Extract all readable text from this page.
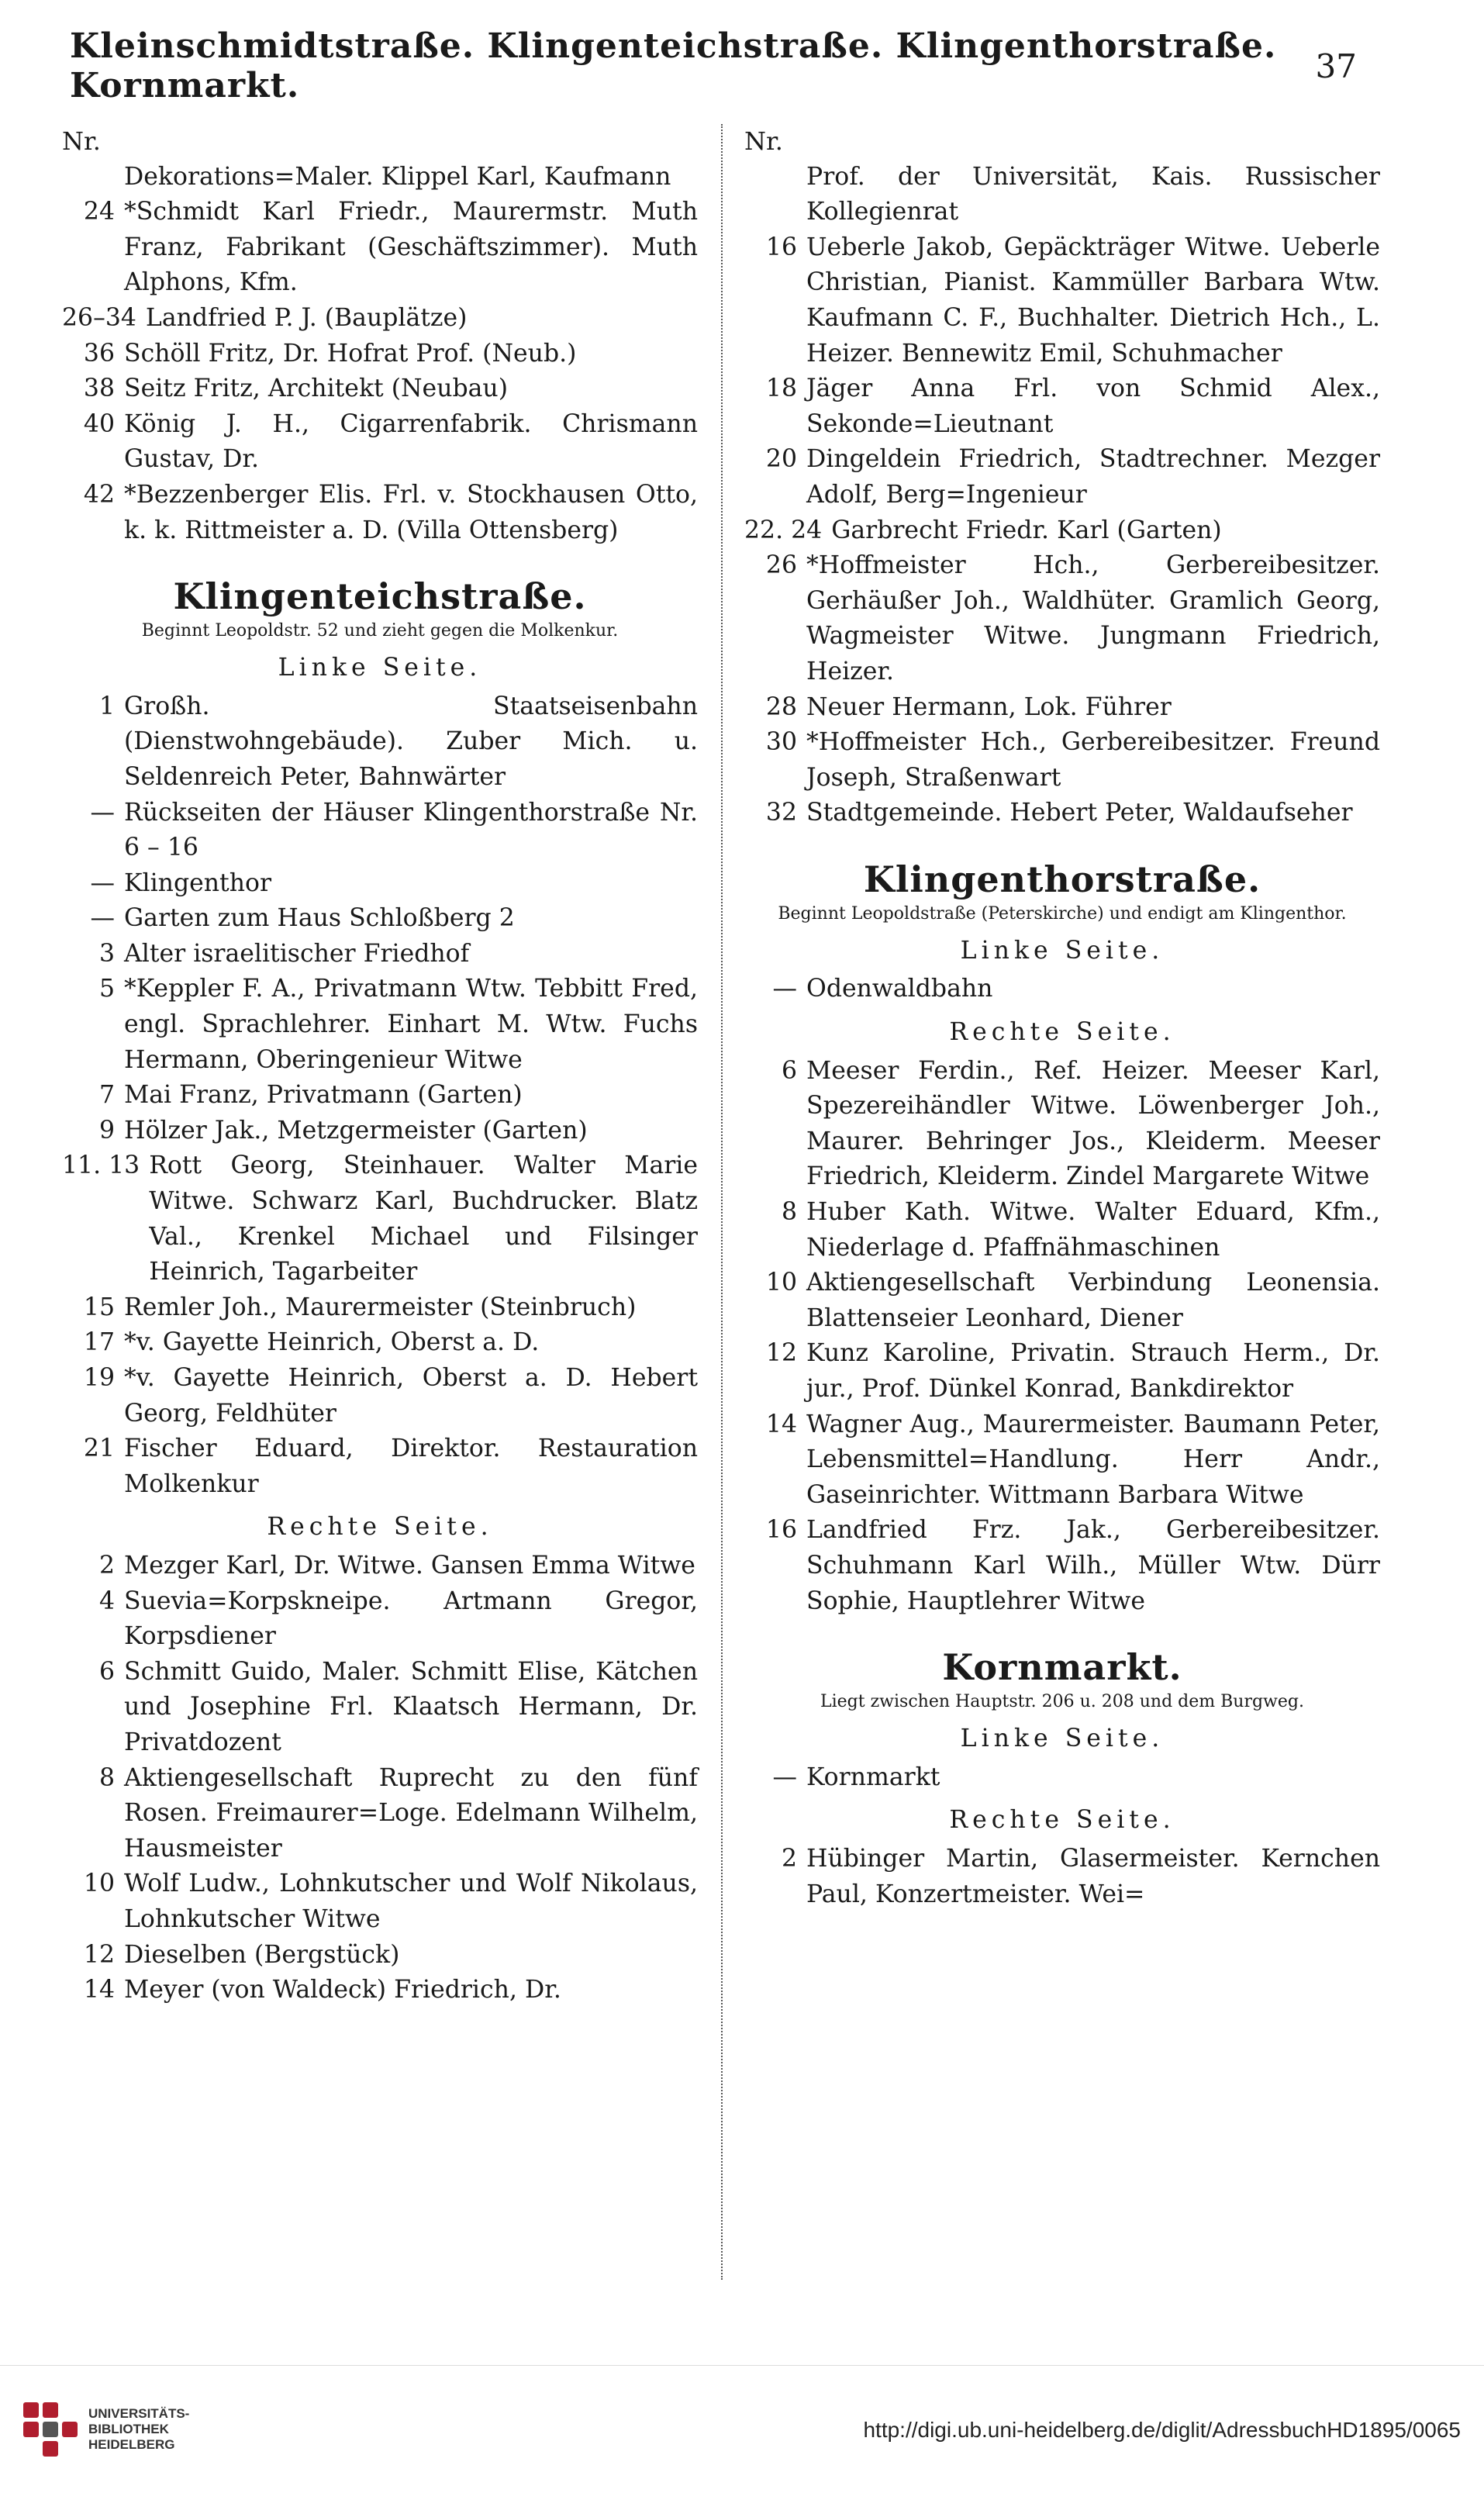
Kleinschmidtstraße. Klingenteichstraße. Klingenthorstraße. Kornmarkt.	37
Nr.
Dekorations=Maler. Klippel Karl, Kaufmann
24 *Schmidt Karl Friedr., Maurermstr. Muth Franz, Fabrikant (Geschäftszimmer). Muth Alphons, Kfm.
26–34 Landfried P. J. (Bauplätze)
36 Schöll Fritz, Dr. Hofrat Prof. (Neub.)
38 Seitz Fritz, Architekt (Neubau)
40 König J. H., Cigarrenfabrik. Chrismann Gustav, Dr.
42 *Bezzenberger Elis. Frl. v. Stockhausen Otto, k. k. Rittmeister a. D. (Villa Ottensberg)
Klingenteichstraße.
Beginnt Leopoldstr. 52 und zieht gegen die Molkenkur.
Linke Seite.
1 Großh. Staatseisenbahn (Dienstwohngebäude). Zuber Mich. u. Seldenreich Peter, Bahnwärter
— Rückseiten der Häuser Klingenthorstraße Nr. 6 – 16
— Klingenthor
— Garten zum Haus Schloßberg 2
3 Alter israelitischer Friedhof
5 *Keppler F. A., Privatmann Wtw. Tebbitt Fred, engl. Sprachlehrer. Einhart M. Wtw. Fuchs Hermann, Oberingenieur Witwe
7 Mai Franz, Privatmann (Garten)
9 Hölzer Jak., Metzgermeister (Garten)
11. 13 Rott Georg, Steinhauer. Walter Marie Witwe. Schwarz Karl, Buchdrucker. Blatz Val., Krenkel Michael und Filsinger Heinrich, Tagarbeiter
15 Remler Joh., Maurermeister (Steinbruch)
17 *v. Gayette Heinrich, Oberst a. D.
19 *v. Gayette Heinrich, Oberst a. D. Hebert Georg, Feldhüter
21 Fischer Eduard, Direktor. Restauration Molkenkur
Rechte Seite.
2 Mezger Karl, Dr. Witwe. Gansen Emma Witwe
4 Suevia=Korpskneipe. Artmann Gregor, Korpsdiener
6 Schmitt Guido, Maler. Schmitt Elise, Kätchen und Josephine Frl. Klaatsch Hermann, Dr. Privatdozent
8 Aktiengesellschaft Ruprecht zu den fünf Rosen. Freimaurer=Loge. Edelmann Wilhelm, Hausmeister
10 Wolf Ludw., Lohnkutscher und Wolf Nikolaus, Lohnkutscher Witwe
12 Dieselben (Bergstück)
14 Meyer (von Waldeck) Friedrich, Dr.
Nr.
Prof. der Universität, Kais. Russischer Kollegienrat
16 Ueberle Jakob, Gepäckträger Witwe. Ueberle Christian, Pianist. Kammüller Barbara Wtw. Kaufmann C. F., Buchhalter. Dietrich Hch., L. Heizer. Bennewitz Emil, Schuhmacher
18 Jäger Anna Frl. von Schmid Alex., Sekonde=Lieutnant
20 Dingeldein Friedrich, Stadtrechner. Mezger Adolf, Berg=Ingenieur
22. 24 Garbrecht Friedr. Karl (Garten)
26 *Hoffmeister Hch., Gerbereibesitzer. Gerhäußer Joh., Waldhüter. Gramlich Georg, Wagmeister Witwe. Jungmann Friedrich, Heizer.
28 Neuer Hermann, Lok. Führer
30 *Hoffmeister Hch., Gerbereibesitzer. Freund Joseph, Straßenwart
32 Stadtgemeinde. Hebert Peter, Waldaufseher
Klingenthorstraße.
Beginnt Leopoldstraße (Peterskirche) und endigt am Klingenthor.
Linke Seite.
— Odenwaldbahn
Rechte Seite.
6 Meeser Ferdin., Ref. Heizer. Meeser Karl, Spezereihändler Witwe. Löwenberger Joh., Maurer. Behringer Jos., Kleiderm. Meeser Friedrich, Kleiderm. Zindel Margarete Witwe
8 Huber Kath. Witwe. Walter Eduard, Kfm., Niederlage d. Pfaffnähmaschinen
10 Aktiengesellschaft Verbindung Leonensia. Blattenseier Leonhard, Diener
12 Kunz Karoline, Privatin. Strauch Herm., Dr. jur., Prof. Dünkel Konrad, Bankdirektor
14 Wagner Aug., Maurermeister. Baumann Peter, Lebensmittel=Handlung. Herr Andr., Gaseinrichter. Wittmann Barbara Witwe
16 Landfried Frz. Jak., Gerbereibesitzer. Schuhmann Karl Wilh., Müller Wtw. Dürr Sophie, Hauptlehrer Witwe
Kornmarkt.
Liegt zwischen Hauptstr. 206 u. 208 und dem Burgweg.
Linke Seite.
— Kornmarkt
Rechte Seite.
2 Hübinger Martin, Glasermeister. Kernchen Paul, Konzertmeister. Wei=
UNIVERSITÄTS-
BIBLIOTHEK
HEIDELBERG
http://digi.ub.uni-heidelberg.de/diglit/AdressbuchHD1895/0065
